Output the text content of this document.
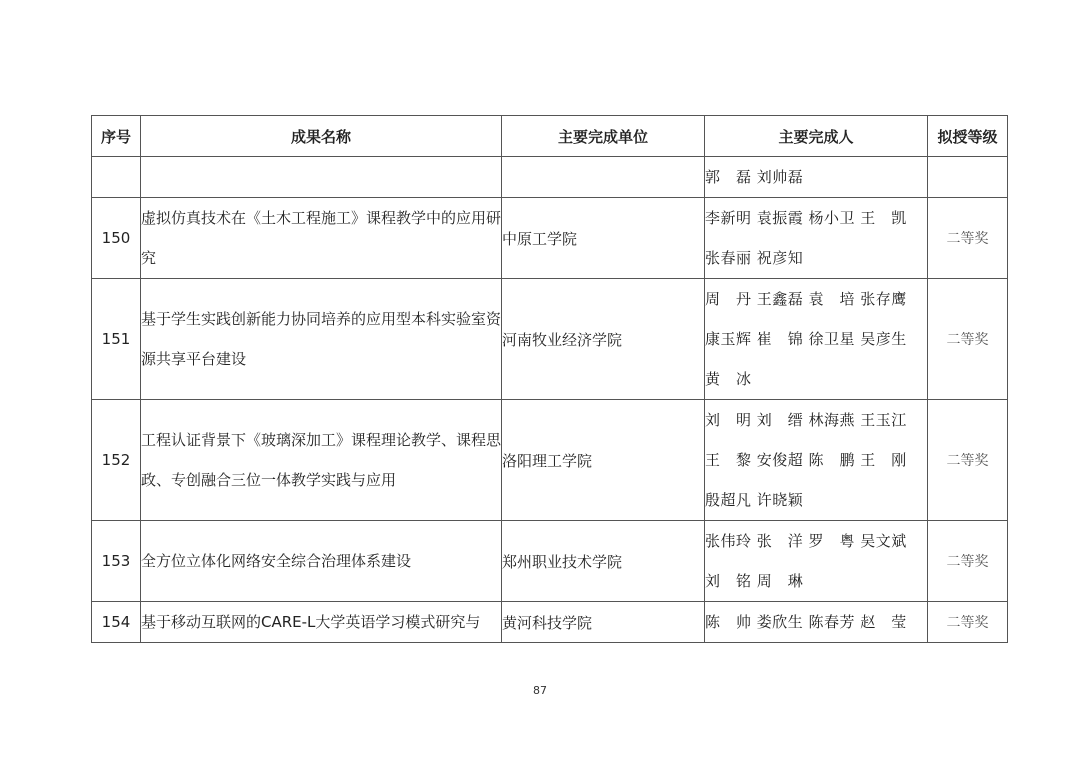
序号	成果名称	主要完成单位	主要完成人	拟授等级

			郭　磊 刘帅磊	

150	虚拟仿真技术在《土木工程施工》课程教学中的应用研究	中原工学院	李新明 袁振霞 杨小卫 王　凯
张春丽 祝彦知	二等奖
151	基于学生实践创新能力协同培养的应用型本科实验室资源共享平台建设	河南牧业经济学院	周　丹 王鑫磊 袁　培 张存鹰
康玉辉 崔　锦 徐卫星 吴彦生
黄　冰	二等奖
152	工程认证背景下《玻璃深加工》课程理论教学、课程思政、专创融合三位一体教学实践与应用	洛阳理工学院	刘　明 刘　缙 林海燕 王玉江
王　黎 安俊超 陈　鹏 王　刚
殷超凡 许晓颖	二等奖
153	全方位立体化网络安全综合治理体系建设	郑州职业技术学院	张伟玲 张　洋 罗　粤 吴文斌
刘　铭 周　琳	二等奖
154	基于移动互联网的CARE-L大学英语学习模式研究与	黄河科技学院	陈　帅 娄欣生 陈春芳 赵　莹	二等奖
87
